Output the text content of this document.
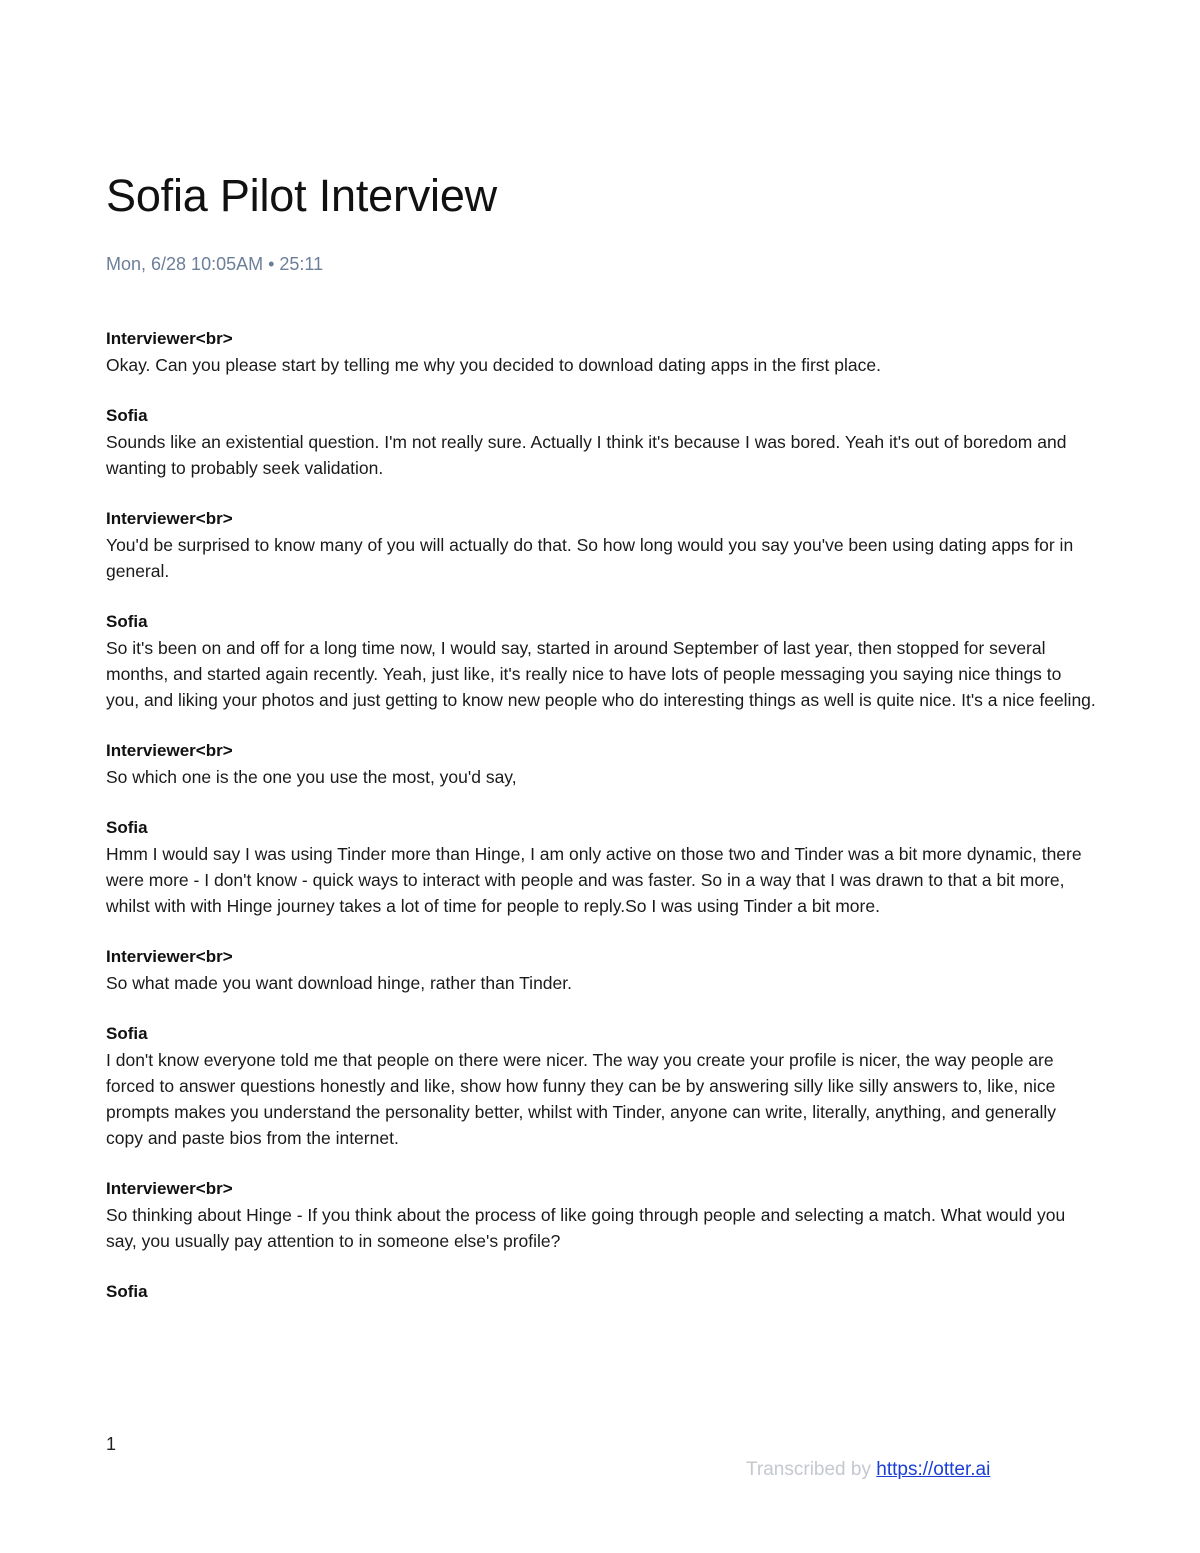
Sofia Pilot Interview
Mon, 6/28 10:05AM • 25:11
Interviewer<br>

Okay. Can you please start by telling me why you decided to download dating apps in the first place.

Sofia

Sounds like an existential question. I'm not really sure. Actually I think it's because I was bored. Yeah it's out of boredom and wanting to probably seek validation.

Interviewer<br>

You'd be surprised to know many of you will actually do that. So how long would you say you've been using dating apps for in general.

Sofia

So it's been on and off for a long time now, I would say, started in around September of last year, then stopped for several months, and started again recently. Yeah, just like, it's really nice to have lots of people messaging you saying nice things to you, and liking your photos and just getting to know new people who do interesting things as well is quite nice. It's a nice feeling.

Interviewer<br>

So which one is the one you use the most, you'd say,

Sofia

Hmm I would say I was using Tinder more than Hinge, I am only active on those two and Tinder was a bit more dynamic, there were more - I don't know - quick ways to interact with people and was faster. So in a way that I was drawn to that a bit more, whilst with with Hinge journey takes a lot of time for people to reply.So I was using Tinder a bit more.

Interviewer<br>

So what made you want download hinge, rather than Tinder.

Sofia

I don't know everyone told me that people on there were nicer. The way you create your profile is nicer, the way people are forced to answer questions honestly and like, show how funny they can be by answering silly like silly answers to, like, nice prompts makes you understand the personality better, whilst with Tinder, anyone can write, literally, anything, and generally copy and paste bios from the internet.

Interviewer<br>

So thinking about Hinge - If you think about the process of like going through people and selecting a match. What would you say, you usually pay attention to in someone else's profile?

Sofia

1
Transcribed by https://otter.ai
